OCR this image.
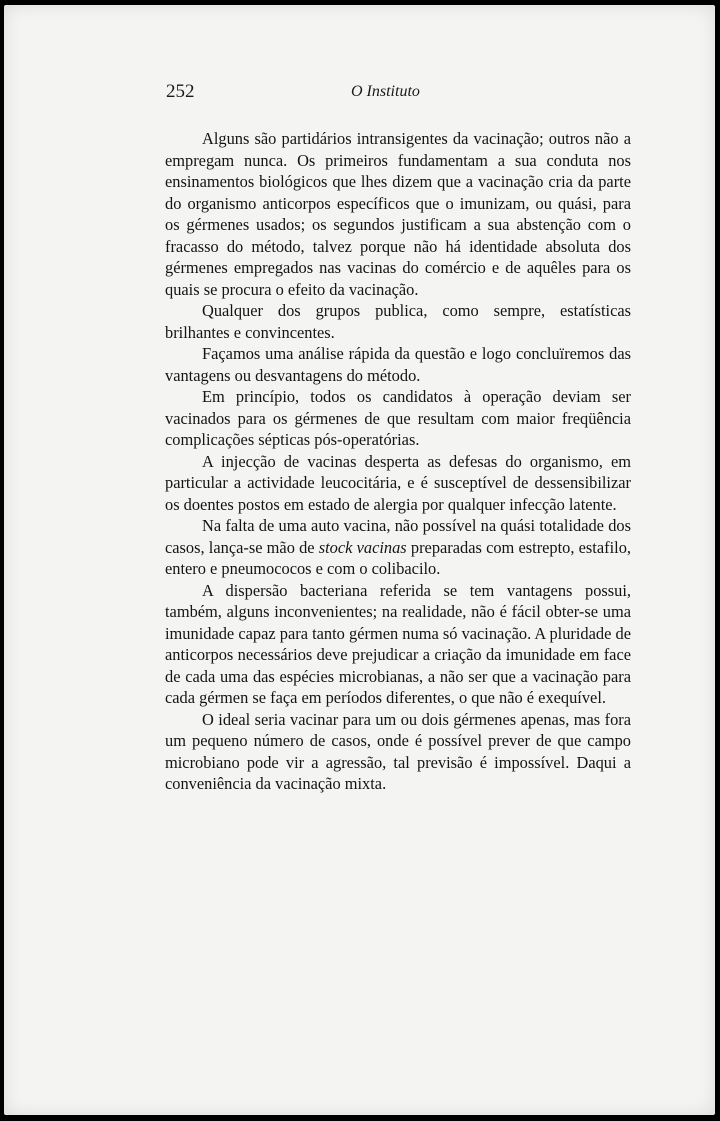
252	O Instituto

Alguns são partidários intransigentes da vacinação; outros não a empregam nunca. Os primeiros fundamentam a sua conduta nos ensinamentos biológicos que lhes dizem que a vacinação cria da parte do organismo anticorpos específicos que o imunizam, ou quási, para os gérmenes usados; os segundos justificam a sua abstenção com o fracasso do método, talvez porque não há identidade absoluta dos gérmenes empregados nas vacinas do comércio e de aquêles para os quais se procura o efeito da vacinação.

Qualquer dos grupos publica, como sempre, estatísticas brilhantes e convincentes.

Façamos uma análise rápida da questão e logo concluïremos das vantagens ou desvantagens do método.

Em princípio, todos os candidatos à operação deviam ser vacinados para os gérmenes de que resultam com maior freqüência complicações sépticas pós-operatórias.

A injecção de vacinas desperta as defesas do organismo, em particular a actividade leucocitária, e é susceptível de dessensibilizar os doentes postos em estado de alergia por qualquer infecção latente.

Na falta de uma auto vacina, não possível na quási totalidade dos casos, lança-se mão de stock vacinas preparadas com estrepto, estafilo, entero e pneumococos e com o colibacilo.

A dispersão bacteriana referida se tem vantagens possui, também, alguns inconvenientes; na realidade, não é fácil obter-se uma imunidade capaz para tanto gérmen numa só vacinação. A pluridade de anticorpos necessários deve prejudicar a criação da imunidade em face de cada uma das espécies microbianas, a não ser que a vacinação para cada gérmen se faça em períodos diferentes, o que não é exequível.

O ideal seria vacinar para um ou dois gérmenes apenas, mas fora um pequeno número de casos, onde é possível prever de que campo microbiano pode vir a agressão, tal previsão é impossível. Daqui a conveniência da vacinação mixta.
